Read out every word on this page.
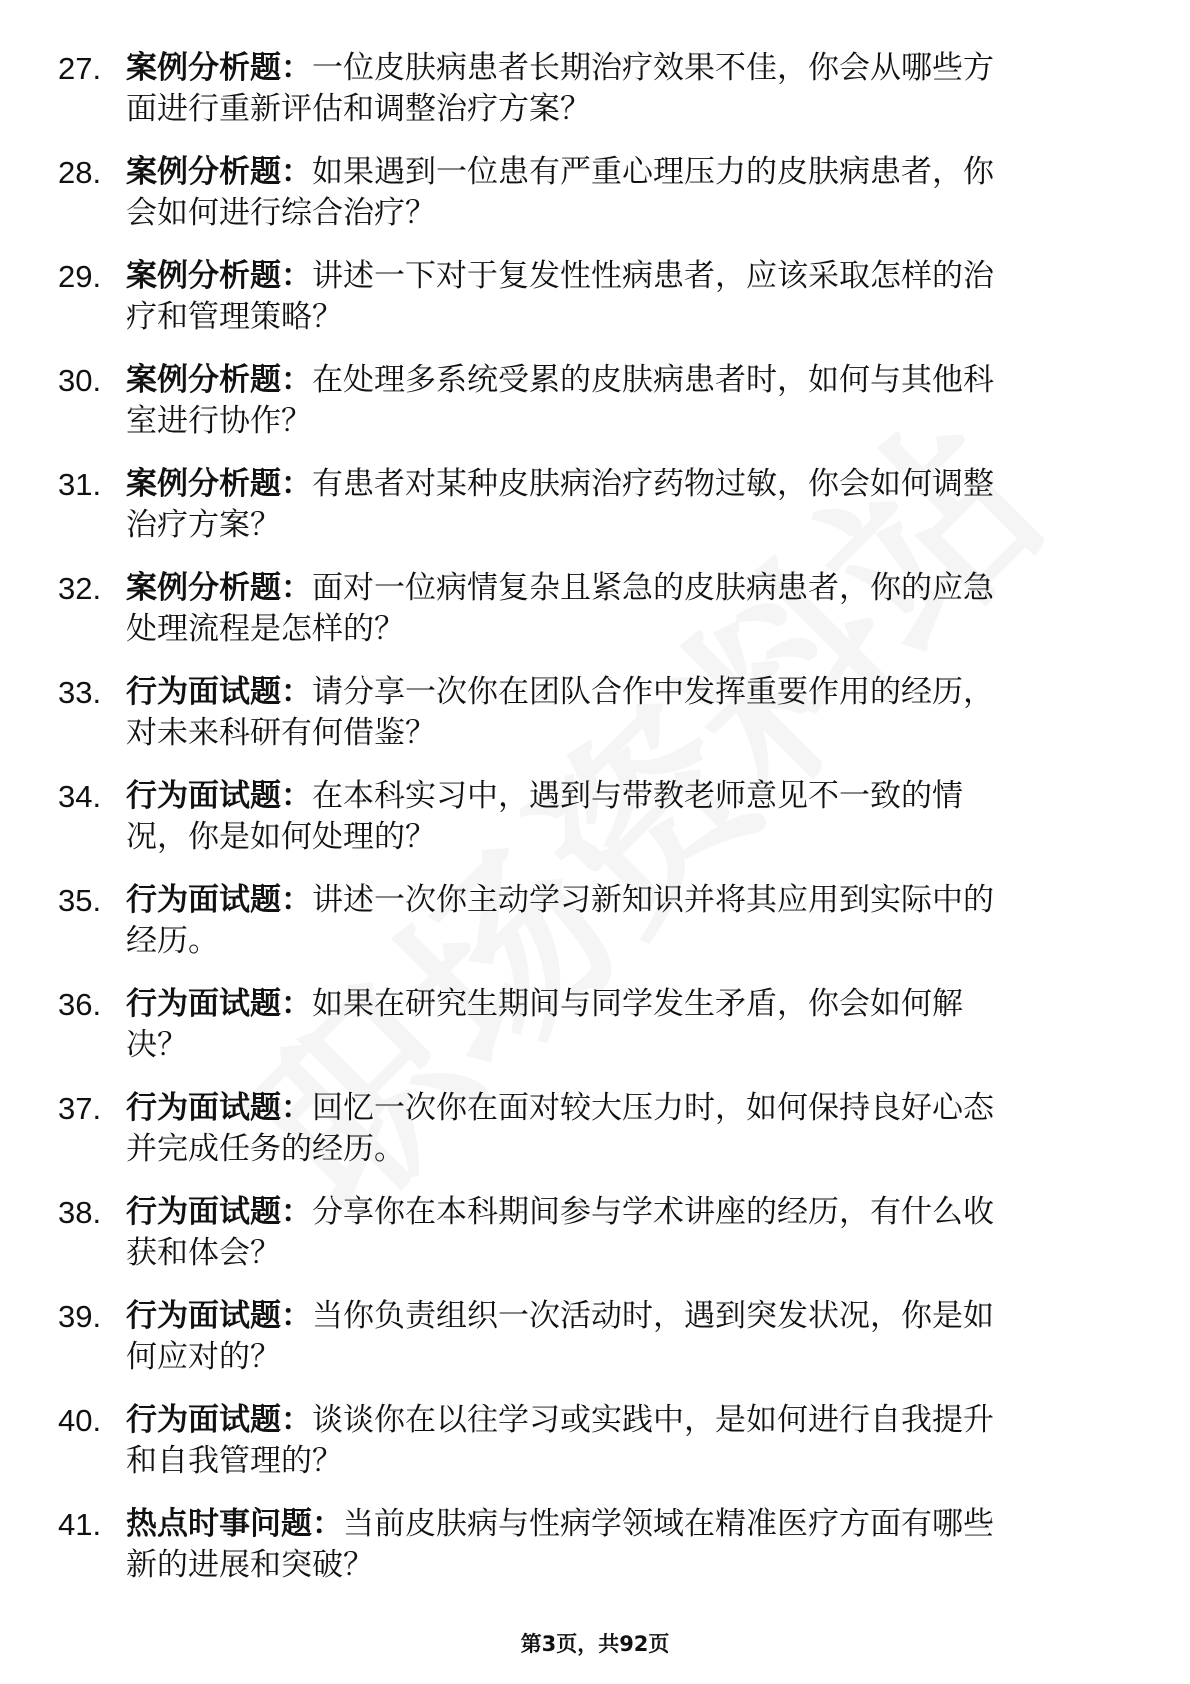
27. 案例分析题：一位皮肤病患者长期治疗效果不佳，你会从哪些方
面进行重新评估和调整治疗方案？
28. 案例分析题：如果遇到一位患有严重心理压力的皮肤病患者，你
会如何进行综合治疗？
29. 案例分析题：讲述一下对于复发性性病患者，应该采取怎样的治
疗和管理策略？
30. 案例分析题：在处理多系统受累的皮肤病患者时，如何与其他科
室进行协作？
31. 案例分析题：有患者对某种皮肤病治疗药物过敏，你会如何调整
治疗方案？
32. 案例分析题：面对一位病情复杂且紧急的皮肤病患者，你的应急
处理流程是怎样的？
33. 行为面试题：请分享一次你在团队合作中发挥重要作用的经历，
对未来科研有何借鉴？
34. 行为面试题：在本科实习中，遇到与带教老师意见不一致的情
况，你是如何处理的？
35. 行为面试题：讲述一次你主动学习新知识并将其应用到实际中的
经历。
36. 行为面试题：如果在研究生期间与同学发生矛盾，你会如何解
决？
37. 行为面试题：回忆一次你在面对较大压力时，如何保持良好心态
并完成任务的经历。
38. 行为面试题：分享你在本科期间参与学术讲座的经历，有什么收
获和体会？
39. 行为面试题：当你负责组织一次活动时，遇到突发状况，你是如
何应对的？
40. 行为面试题：谈谈你在以往学习或实践中，是如何进行自我提升
和自我管理的？
41. 热点时事问题：当前皮肤病与性病学领域在精准医疗方面有哪些
新的进展和突破？
第3页，共92页
